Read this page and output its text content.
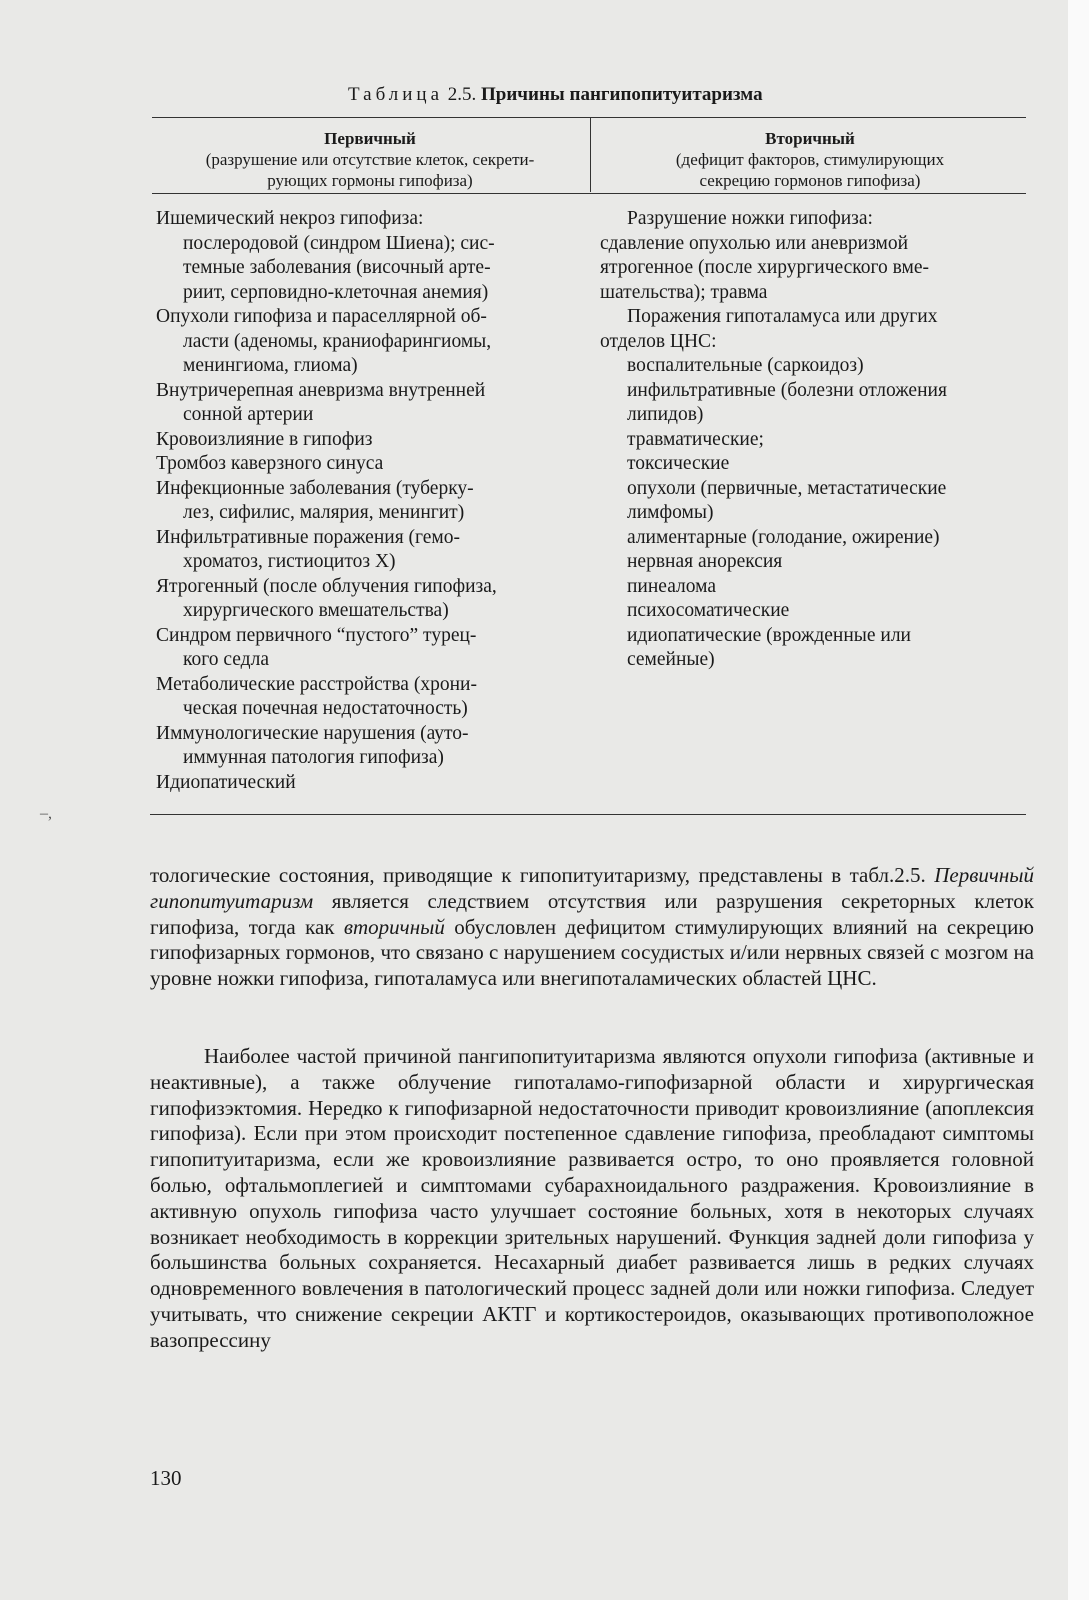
Таблица 2.5. Причины пангипопитуитаризма
Первичный
(разрушение или отсутствие клеток, секрети-
рующих гормоны гипофиза)
Вторичный
(дефицит факторов, стимулирующих
секрецию гормонов гипофиза)
Ишемический некроз гипофиза:
послеродовой (синдром Шиена); сис-
темные заболевания (височный арте-
риит, серповидно-клеточная анемия)
Опухоли гипофиза и параселлярной об-
ласти (аденомы, краниофарингиомы,
менингиома, глиома)
Внутричерепная аневризма внутренней
сонной артерии
Кровоизлияние в гипофиз
Тромбоз каверзного синуса
Инфекционные заболевания (туберку-
лез, сифилис, малярия, менингит)
Инфильтративные поражения (гемо-
хроматоз, гистиоцитоз Х)
Ятрогенный (после облучения гипофиза,
хирургического вмешательства)
Синдром первичного “пустого” турец-
кого седла
Метаболические расстройства (хрони-
ческая почечная недостаточность)
Иммунологические нарушения (ауто-
иммунная патология гипофиза)
Идиопатический
Разрушение ножки гипофиза:
сдавление опухолью или аневризмой
ятрогенное (после хирургического вме-
шательства); травма
Поражения гипоталамуса или других
отделов ЦНС:
воспалительные (саркоидоз)
инфильтративные (болезни отложения
липидов)
травматические;
токсические
опухоли (первичные, метастатические
лимфомы)
алиментарные (голодание, ожирение)
нервная анорексия
пинеалома
психосоматические
идиопатические (врожденные или
семейные)
тологические состояния, приводящие к гипопитуитаризму, представлены в табл.2.5. Первичный гипопитуитаризм является следствием отсутствия или разрушения секреторных клеток гипофиза, тогда как вторичный обусловлен дефицитом стимулирующих влияний на секрецию гипофизарных гормонов, что связано с нарушением сосудистых и/или нервных связей с мозгом на уровне ножки гипофиза, гипоталамуса или внегипоталамических областей ЦНС.
Наиболее частой причиной пангипопитуитаризма являются опухоли гипофиза (активные и неактивные), а также облучение гипоталамо-гипофизарной области и хирургическая гипофизэктомия. Нередко к гипофизарной недостаточности приводит кровоизлияние (апоплексия гипофиза). Если при этом происходит постепенное сдавление гипофиза, преобладают симптомы гипопитуитаризма, если же кровоизлияние развивается остро, то оно проявляется головной болью, офтальмоплегией и симптомами субарахноидального раздражения. Кровоизлияние в активную опухоль гипофиза часто улучшает состояние больных, хотя в некоторых случаях возникает необходимость в коррекции зрительных нарушений. Функция задней доли гипофиза у большинства больных сохраняется. Несахарный диабет развивается лишь в редких случаях одновременного вовлечения в патологический процесс задней доли или ножки гипофиза. Следует учитывать, что снижение секреции АКТГ и кортикостероидов, оказывающих противоположное вазопрессину
130
–,
